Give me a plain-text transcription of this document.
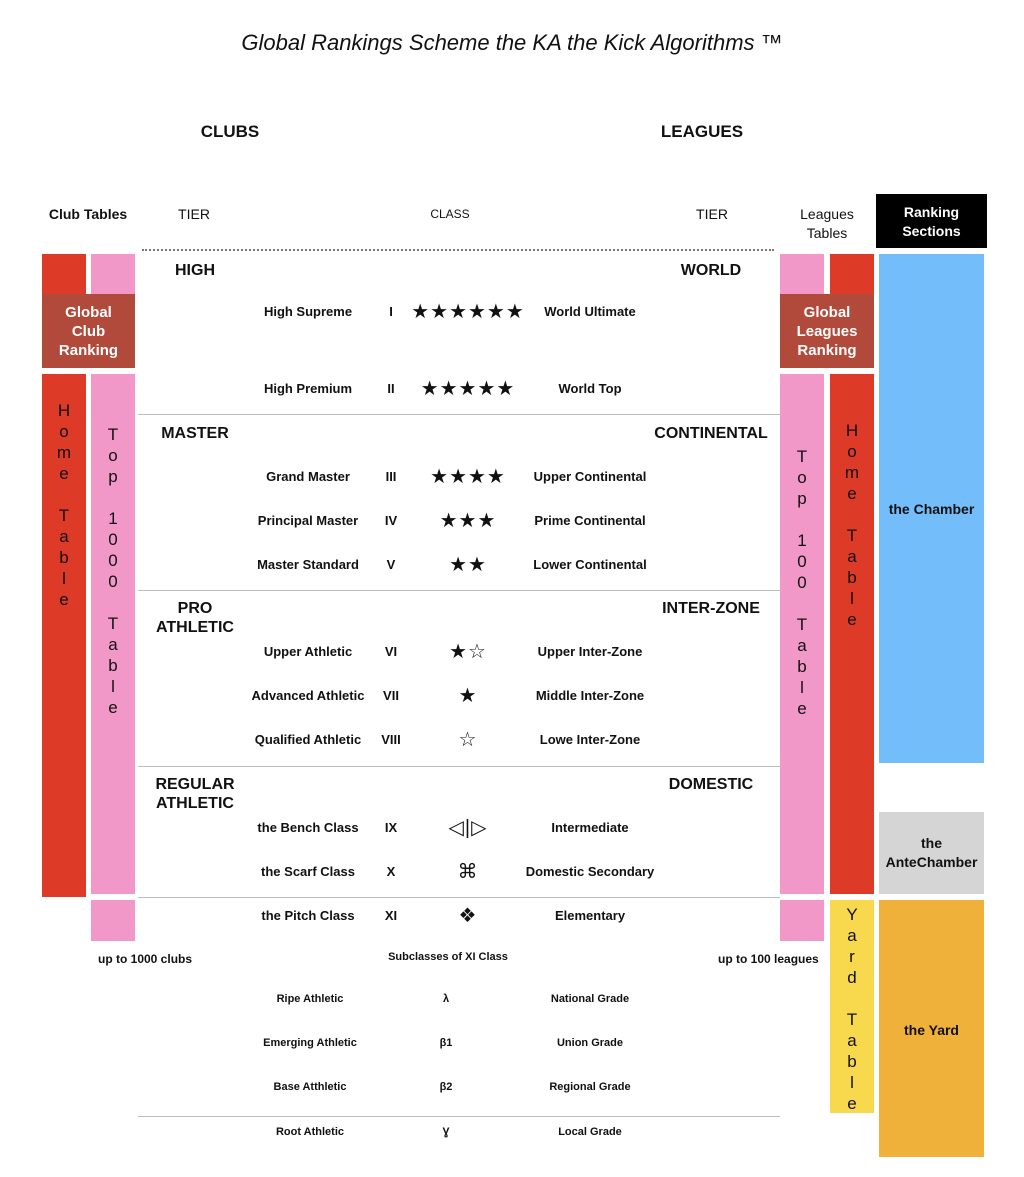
Global Rankings Scheme the KA the Kick Algorithms ™
CLUBS	LEAGUES
Club Tables	TIER	CLASS	TIER	Leagues
Tables
Ranking
Sections
Global
Club
Ranking
H
o
m
e

T
a
b
l
e
T
o
p

1
0
0
0

T
a
b
l
e
up to 1000 clubs
Global
Leagues
Ranking
T
o
p

1
0
0

T
a
b
l
e
H
o
m
e

T
a
b
l
e
Y
a
r
d

T
a
b
l
e
up to 100 leagues
the Chamber
the
AnteChamber
the Yard
HIGH	WORLD
MASTER	CONTINENTAL
PRO
ATHLETIC
INTER-ZONE
REGULAR
ATHLETIC
DOMESTIC
High Supreme	I ★★★★★★	World Ultimate
High Premium	II	★★★★★	World Top
Grand Master	III	★★★★	Upper Continental
Principal Master	IV	★★★	Prime Continental
Master Standard	V	★★	Lower Continental
Upper Athletic	VI	★☆	Upper Inter-Zone
Advanced Athletic	VII	★	Middle Inter-Zone
Qualified Athletic	VIII	☆	Lowe Inter-Zone
the Bench Class	IX	◁|▷	Intermediate
the Scarf Class	X	⌘	Domestic Secondary
the Pitch Class	XI	❖	Elementary
Subclasses of XI Class
Ripe Athletic	λ	National Grade
Emerging Athletic	β1	Union Grade
Base Atthletic	β2	Regional Grade
Root Athletic	Ɣ	Local Grade
